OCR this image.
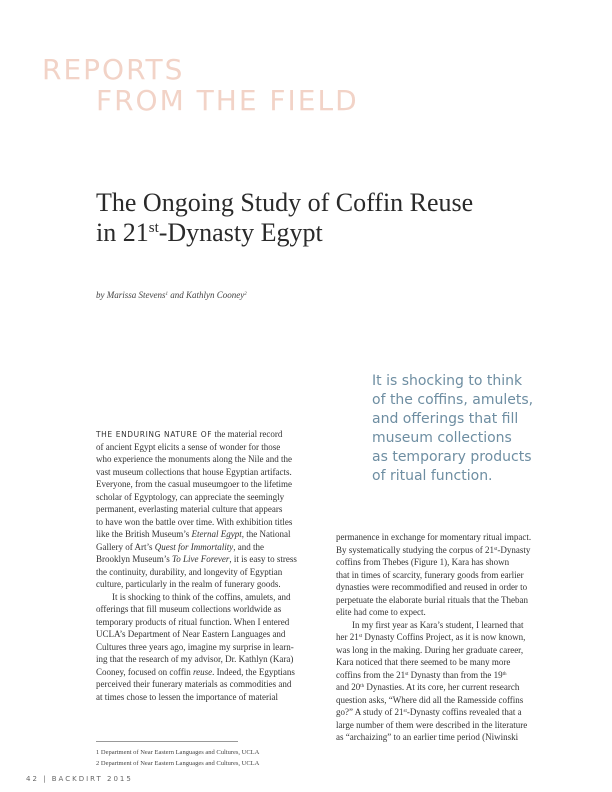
REPORTS
FROM THE FIELD
The Ongoing Study of Coffin Reuse
in 21st-Dynasty Egypt
by Marissa Stevens$^1$ and Kathlyn Cooney$^2$
It is shocking to think
of the coffins, amulets,
and offerings that fill
museum collections
as temporary products
of ritual function.
THE ENDURING NATURE OF the material record
of ancient Egypt elicits a sense of wonder for those
who experience the monuments along the Nile and the
vast museum collections that house Egyptian artifacts.
Everyone, from the casual museumgoer to the lifetime
scholar of Egyptology, can appreciate the seemingly
permanent, everlasting material culture that appears
to have won the battle over time. With exhibition titles
like the British Museum’s Eternal Egypt, the National
Gallery of Art’s Quest for Immortality, and the
Brooklyn Museum’s To Live Forever, it is easy to stress
the continuity, durability, and longevity of Egyptian
culture, particularly in the realm of funerary goods.
It is shocking to think of the coffins, amulets, and
offerings that fill museum collections worldwide as
temporary products of ritual function. When I entered
UCLA’s Department of Near Eastern Languages and
Cultures three years ago, imagine my surprise in learn-
ing that the research of my advisor, Dr. Kathlyn (Kara)
Cooney, focused on coffin reuse. Indeed, the Egyptians
perceived their funerary materials as commodities and
at times chose to lessen the importance of material
permanence in exchange for momentary ritual impact.
By systematically studying the corpus of 21st-Dynasty
coffins from Thebes (Figure 1), Kara has shown
that in times of scarcity, funerary goods from earlier
dynasties were recommodified and reused in order to
perpetuate the elaborate burial rituals that the Theban
elite had come to expect.
In my first year as Kara’s student, I learned that
her 21st Dynasty Coffins Project, as it is now known,
was long in the making. During her graduate career,
Kara noticed that there seemed to be many more
coffins from the 21st Dynasty than from the 19th
and 20th Dynasties. At its core, her current research
question asks, “Where did all the Ramesside coffins
go?” A study of 21st-Dynasty coffins revealed that a
large number of them were described in the literature
as “archaizing” to an earlier time period (Niwinski
1 Department of Near Eastern Languages and Cultures, UCLA
2 Department of Near Eastern Languages and Cultures, UCLA
42 | BACKDIRT 2015
